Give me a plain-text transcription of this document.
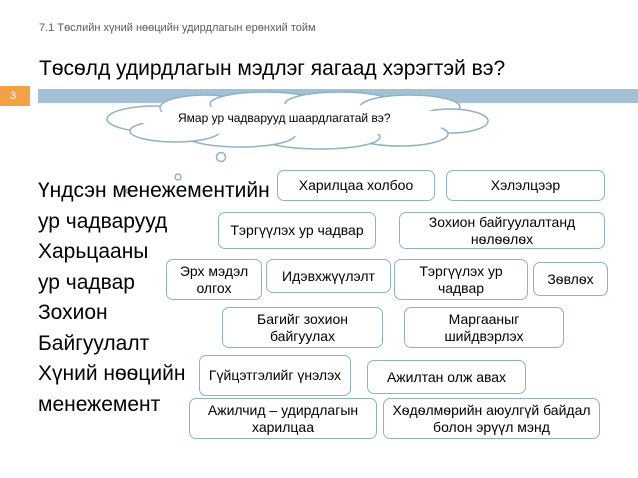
7.1 Тѳслийн хүний нѳѳцийн удирдлагын ерѳнхий тойм
Тѳсѳлд удирдлагын мэдлэг яагаад хэрэгтэй вэ?
3
Ямар ур чадварууд шаардлагатай вэ?
Үндсэн менежементийн
ур чадварууд
Харьцааны
ур чадвар
Зохион
Байгуулалт
Хүний нѳѳцийн
менежемент
Харилцаа холбоо	Хэлэлцээр
Тэргүүлэх ур чадвар
Зохион байгуулалтанд нѳлѳѳлѳх
Эрх мэдэл олгох
Идэвхжүүлэлт	Тэргүүлэх ур чадвар
Зѳвлѳх
Багийг зохион байгуулах
Маргааныг шийдвэрлэх
Гүйцэтгэлийг үнэлэх	Ажилтан олж авах
Ажилчид – удирдлагын харилцаа
Хѳдѳлмѳрийн аюулгүй байдал болон эрүүл мэнд
